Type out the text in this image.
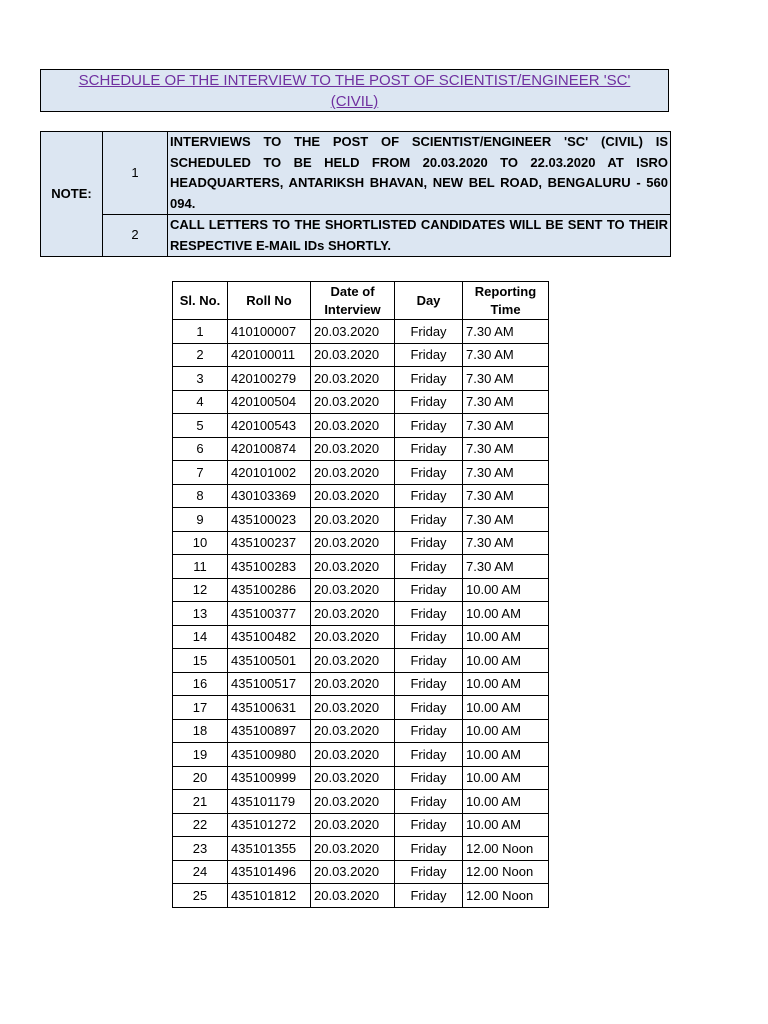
SCHEDULE OF THE INTERVIEW TO THE POST OF SCIENTIST/ENGINEER 'SC'
(CIVIL)
NOTE:	1	INTERVIEWS TO THE POST OF SCIENTIST/ENGINEER 'SC' (CIVIL) IS SCHEDULED TO BE HELD FROM 20.03.2020 TO 22.03.2020 AT ISRO HEADQUARTERS, ANTARIKSH BHAVAN, NEW BEL ROAD, BENGALURU - 560 094.
	2	CALL LETTERS TO THE SHORTLISTED CANDIDATES WILL BE SENT TO THEIR RESPECTIVE E-MAIL IDs SHORTLY.
Sl. No.	Roll No	Date of Interview	Day	Reporting Time
1	410100007	20.03.2020	Friday	7.30 AM
2	420100011	20.03.2020	Friday	7.30 AM
3	420100279	20.03.2020	Friday	7.30 AM
4	420100504	20.03.2020	Friday	7.30 AM
5	420100543	20.03.2020	Friday	7.30 AM
6	420100874	20.03.2020	Friday	7.30 AM
7	420101002	20.03.2020	Friday	7.30 AM
8	430103369	20.03.2020	Friday	7.30 AM
9	435100023	20.03.2020	Friday	7.30 AM
10	435100237	20.03.2020	Friday	7.30 AM
11	435100283	20.03.2020	Friday	7.30 AM
12	435100286	20.03.2020	Friday	10.00 AM
13	435100377	20.03.2020	Friday	10.00 AM
14	435100482	20.03.2020	Friday	10.00 AM
15	435100501	20.03.2020	Friday	10.00 AM
16	435100517	20.03.2020	Friday	10.00 AM
17	435100631	20.03.2020	Friday	10.00 AM
18	435100897	20.03.2020	Friday	10.00 AM
19	435100980	20.03.2020	Friday	10.00 AM
20	435100999	20.03.2020	Friday	10.00 AM
21	435101179	20.03.2020	Friday	10.00 AM
22	435101272	20.03.2020	Friday	10.00 AM
23	435101355	20.03.2020	Friday	12.00 Noon
24	435101496	20.03.2020	Friday	12.00 Noon
25	435101812	20.03.2020	Friday	12.00 Noon
